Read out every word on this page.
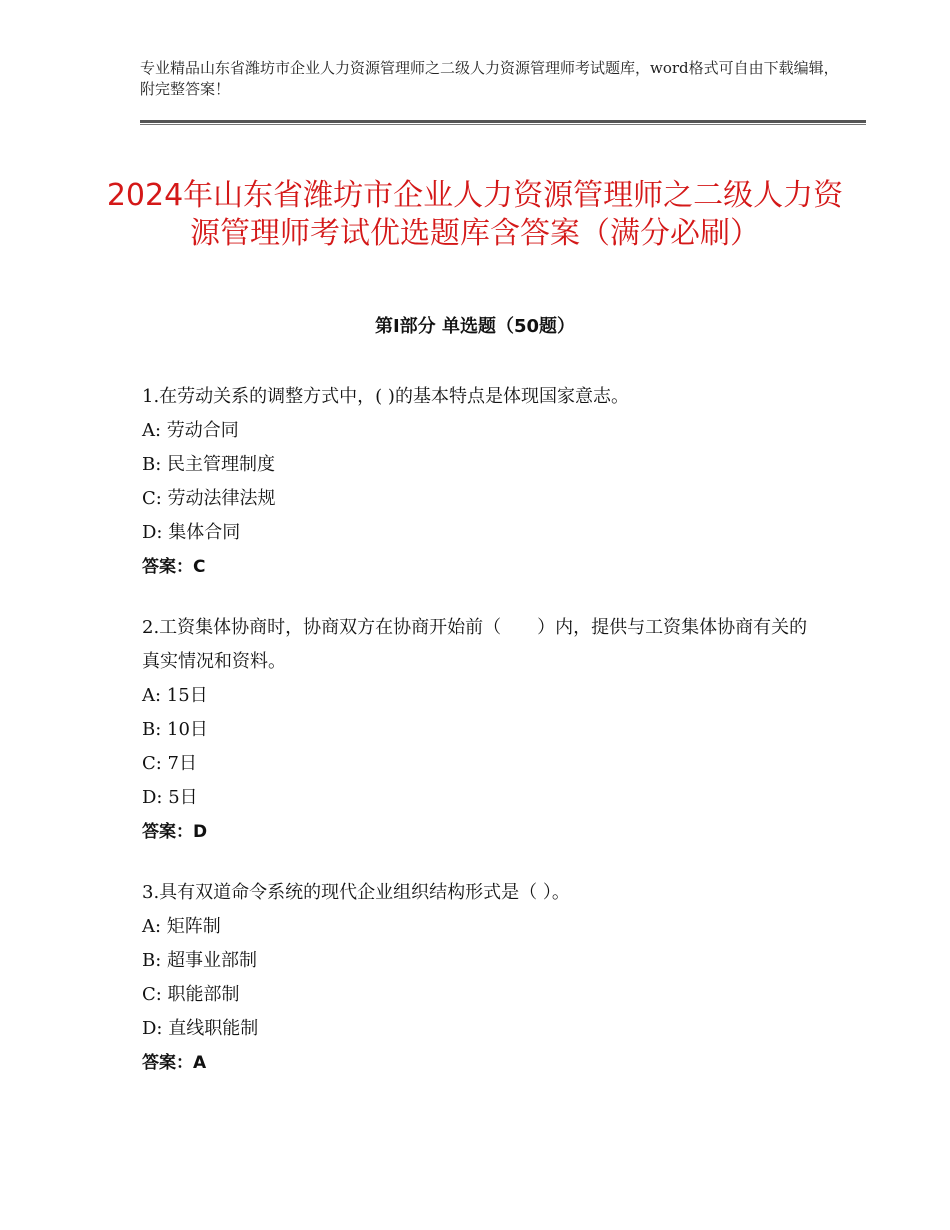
专业精品山东省潍坊市企业人力资源管理师之二级人力资源管理师考试题库，word格式可自由下载编辑，附完整答案！
2024年山东省潍坊市企业人力资源管理师之二级人力资源管理师考试优选题库含答案（满分必刷）
第Ⅰ部分 单选题（50题）

1.在劳动关系的调整方式中，( )的基本特点是体现国家意志。

A: 劳动合同

B: 民主管理制度

C: 劳动法律法规

D: 集体合同

答案：C

2.工资集体协商时，协商双方在协商开始前（　　）内，提供与工资集体协商有关的真实情况和资料。

A: 15日

B: 10日

C: 7日

D: 5日

答案：D

3.具有双道命令系统的现代企业组织结构形式是（ ）。

A: 矩阵制

B: 超事业部制

C: 职能部制

D: 直线职能制

答案：A
